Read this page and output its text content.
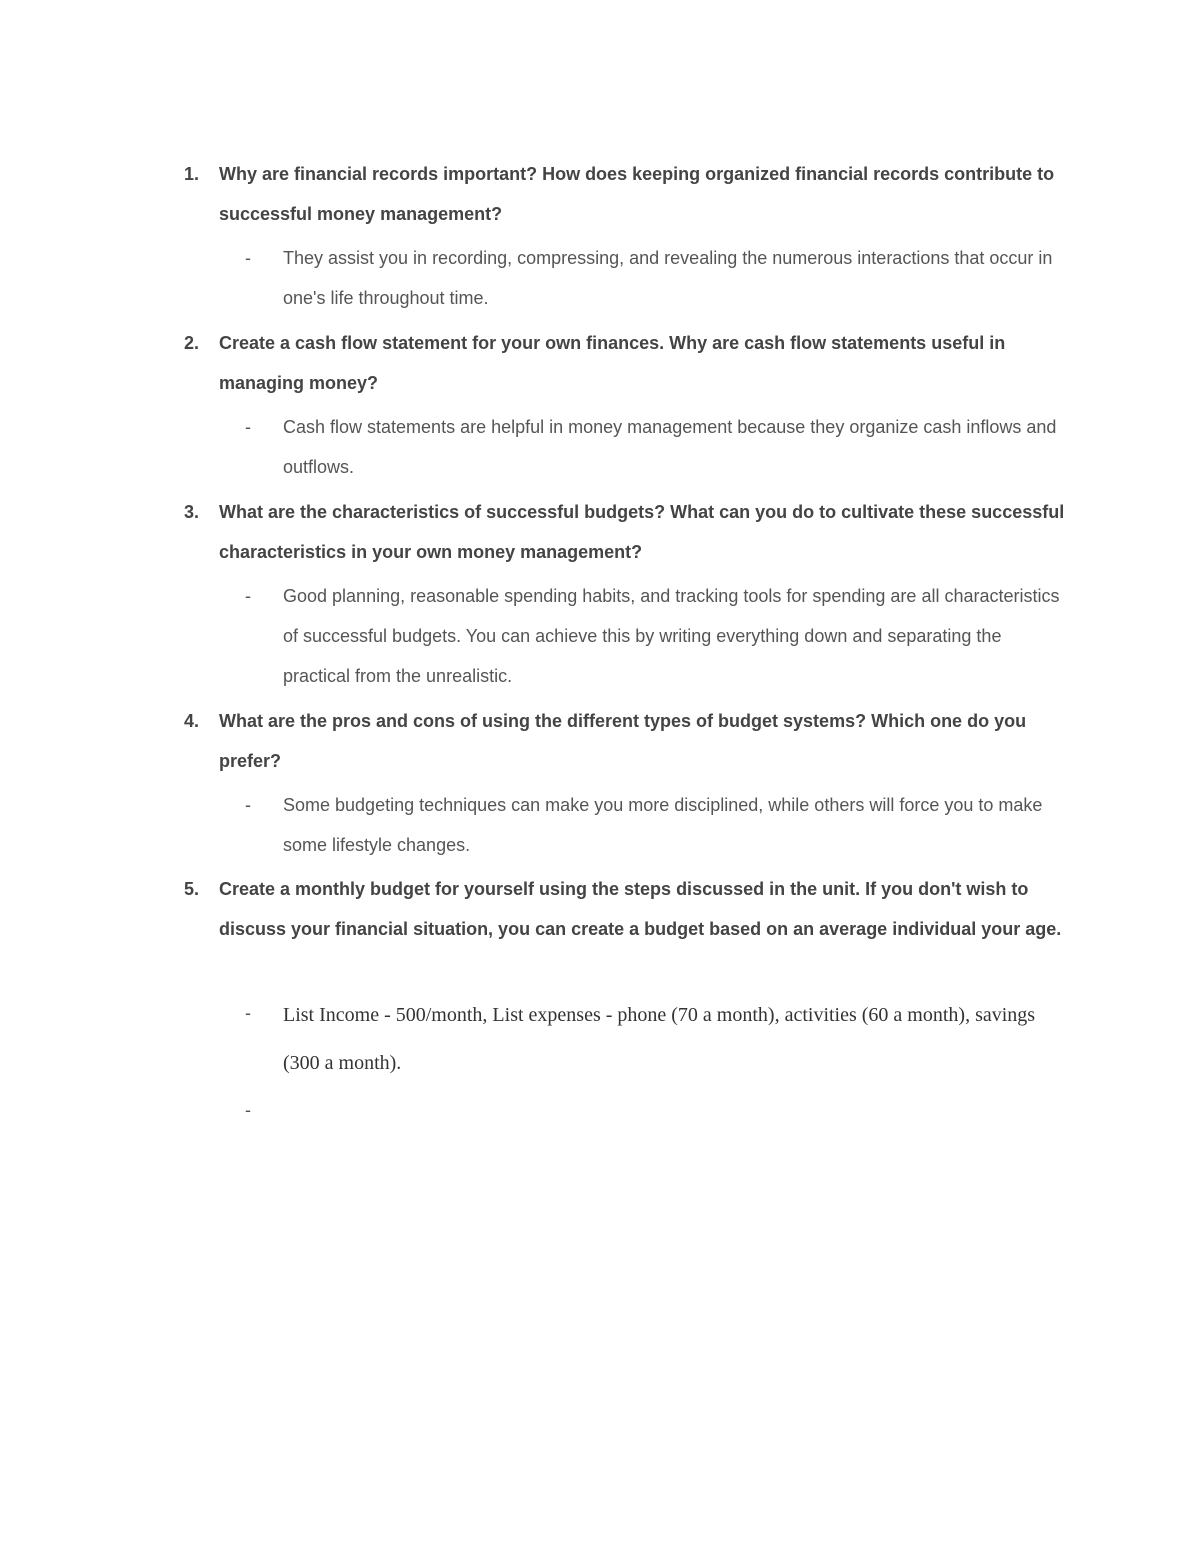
1. Why are financial records important? How does keeping organized financial records contribute to successful money management?
- They assist you in recording, compressing, and revealing the numerous interactions that occur in one's life throughout time.
2. Create a cash flow statement for your own finances. Why are cash flow statements useful in managing money?
- Cash flow statements are helpful in money management because they organize cash inflows and outflows.
3. What are the characteristics of successful budgets? What can you do to cultivate these successful characteristics in your own money management?
- Good planning, reasonable spending habits, and tracking tools for spending are all characteristics of successful budgets. You can achieve this by writing everything down and separating the practical from the unrealistic.
4. What are the pros and cons of using the different types of budget systems? Which one do you prefer?
- Some budgeting techniques can make you more disciplined, while others will force you to make some lifestyle changes.
5. Create a monthly budget for yourself using the steps discussed in the unit. If you don't wish to discuss your financial situation, you can create a budget based on an average individual your age.
- List Income - 500/month, List expenses - phone (70 a month), activities (60 a month), savings (300 a month).
-
